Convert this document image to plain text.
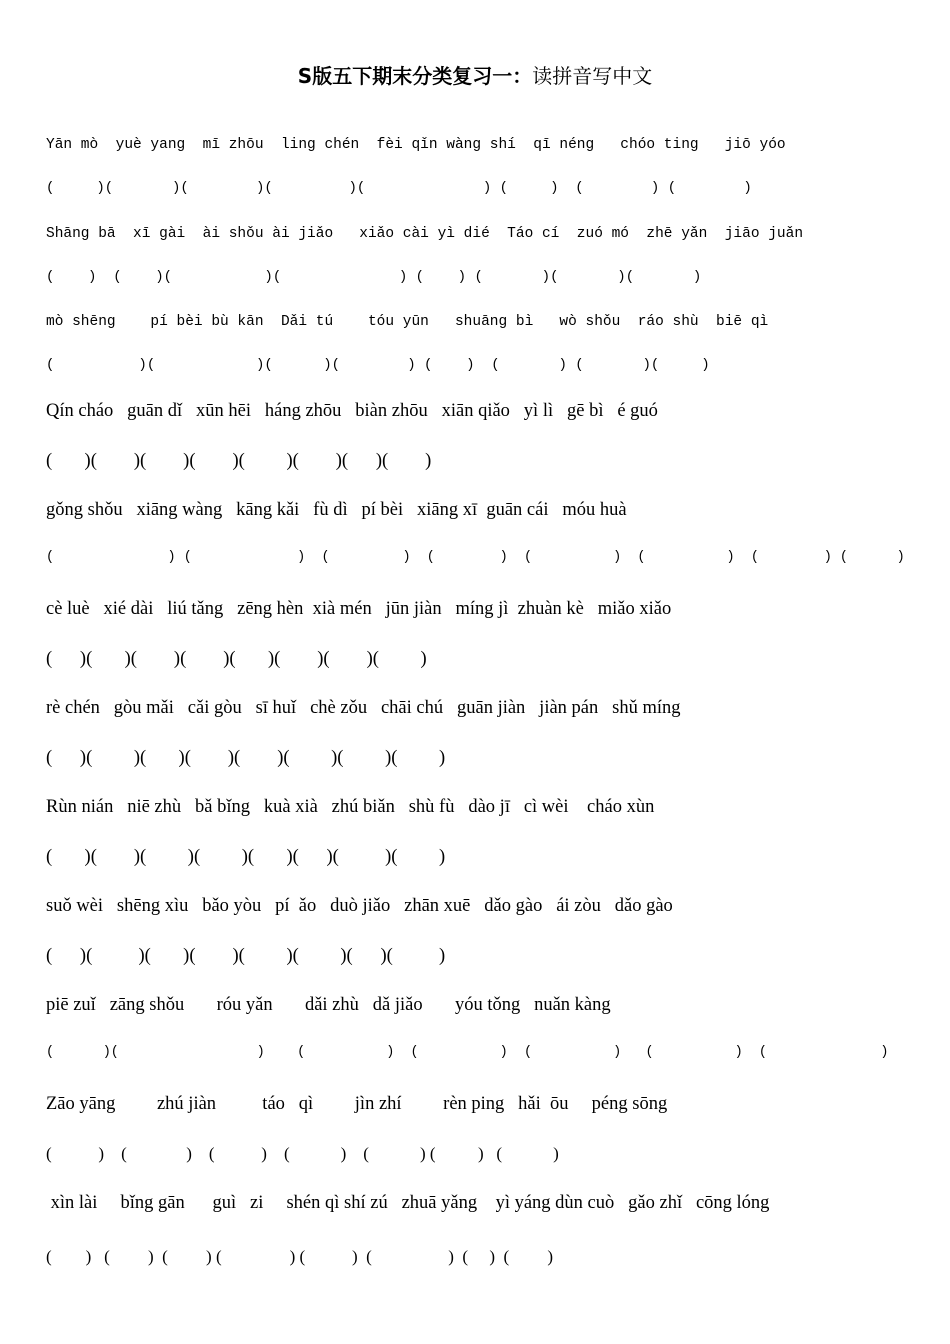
S版五下期末分类复习一：读拼音写中文
Yān mò  yuè yang  mī zhōu  ling chén  fèi qǐn wàng shí  qī néng   chóo ting   jiō yóo
(     )(       )(        )(         )(              ) (     )  (        ) (        )
Shāng bā  xī gài  ài shǒu ài jiǎo   xiǎo cài yì dié  Táo cí  zuó mó  zhē yǎn  jiāo juǎn
(    )  (    )(           )(              ) (    ) (       )(       )(       )
mò shēng    pí bèi bù kān  Dǎi tú    tóu yūn   shuāng bì   wò shǒu  ráo shù  biē qì
(          )(            )(      )(        ) (    )  (       ) (       )(     )
Qín cháo   guān dǐ   xūn hēi   háng zhōu   biàn zhōu   xiān qiǎo   yì lì   gē bì   é guó
(       )(        )(        )(        )(         )(        )(      )(        )
gǒng shǒu   xiāng wàng   kāng kǎi   fù dì   pí bèi   xiāng xī  guān cái   móu huà
(              ) (             )  (         )  (        )  (          )  (          )  (        ) (      )
cè luè   xié dài   liú tǎng   zēng hèn  xià mén   jūn jiàn   míng jì  zhuàn kè   miǎo xiǎo
(      )(       )(        )(        )(       )(        )(        )(         )
rè chén   gòu mǎi   cǎi gòu   sī huǐ   chè zǒu   chāi chú   guān jiàn   jiàn pán   shǔ míng
(      )(         )(       )(        )(        )(         )(         )(         )
Rùn nián   niē zhù   bǎ bǐng   kuà xià   zhú biǎn   shù fù   dào jī   cì wèi    cháo xùn
(       )(        )(         )(         )(       )(      )(          )(         )
suǒ wèi   shēng xìu   bǎo yòu   pí  ǎo   duò jiǎo   zhān xuē   dǎo gào   ái zòu   dǎo gào
(      )(          )(       )(        )(         )(         )(      )(          )
piē zuǐ   zāng shǒu       róu yǎn       dǎi zhù   dǎ jiǎo       yóu tǒng   nuǎn kàng
(      )(                 )    (          )  (          )  (          )   (          )  (              )
Zāo yāng         zhú jiàn          táo   qì         jìn zhí         rèn ping   hǎi  ōu     péng sōng
(           )    (              )    (           )    (            )    (            ) (          )   (            )
xìn lài     bǐng gān      guì   zi     shén qì shí zú   zhuā yǎng    yì yáng dùn cuò   gǎo zhǐ   cōng lóng
(        )   (         )  (         ) (                ) (           )  (                  )  (     )  (         )
